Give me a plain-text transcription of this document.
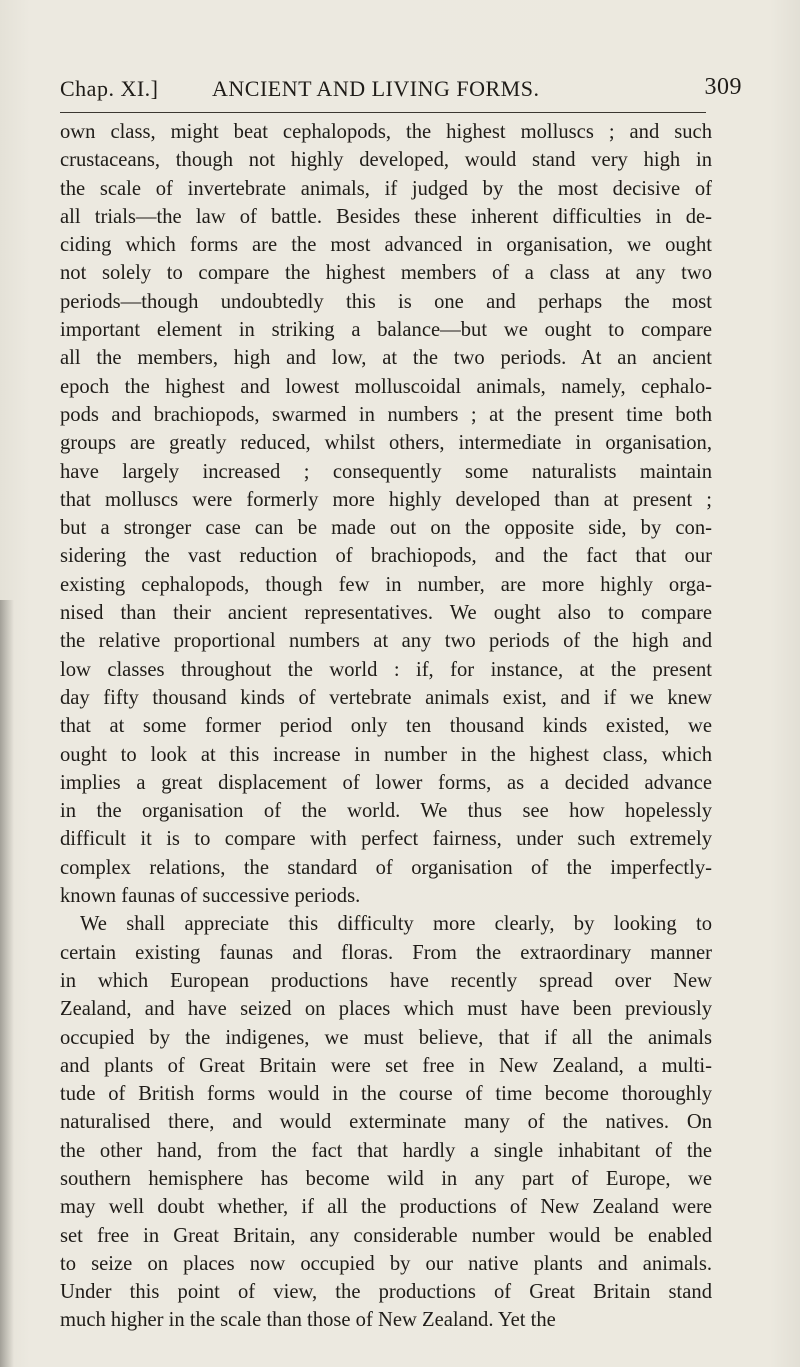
Chap. XI.] ANCIENT AND LIVING FORMS.	309
own class, might beat cephalopods, the highest molluscs ; and such
crustaceans, though not highly developed, would stand very high in
the scale of invertebrate animals, if judged by the most decisive of
all trials—the law of battle. Besides these inherent difficulties in de-
ciding which forms are the most advanced in organisation, we ought
not solely to compare the highest members of a class at any two
periods—though undoubtedly this is one and perhaps the most
important element in striking a balance—but we ought to compare
all the members, high and low, at the two periods. At an ancient
epoch the highest and lowest molluscoidal animals, namely, cephalo-
pods and brachiopods, swarmed in numbers ; at the present time both
groups are greatly reduced, whilst others, intermediate in organisation,
have largely increased ; consequently some naturalists maintain
that molluscs were formerly more highly developed than at present ;
but a stronger case can be made out on the opposite side, by con-
sidering the vast reduction of brachiopods, and the fact that our
existing cephalopods, though few in number, are more highly orga-
nised than their ancient representatives. We ought also to compare
the relative proportional numbers at any two periods of the high and
low classes throughout the world : if, for instance, at the present
day fifty thousand kinds of vertebrate animals exist, and if we knew
that at some former period only ten thousand kinds existed, we
ought to look at this increase in number in the highest class, which
implies a great displacement of lower forms, as a decided advance
in the organisation of the world. We thus see how hopelessly
difficult it is to compare with perfect fairness, under such extremely
complex relations, the standard of organisation of the imperfectly-
known faunas of successive periods.
We shall appreciate this difficulty more clearly, by looking to
certain existing faunas and floras. From the extraordinary manner
in which European productions have recently spread over New
Zealand, and have seized on places which must have been previously
occupied by the indigenes, we must believe, that if all the animals
and plants of Great Britain were set free in New Zealand, a multi-
tude of British forms would in the course of time become thoroughly
naturalised there, and would exterminate many of the natives. On
the other hand, from the fact that hardly a single inhabitant of the
southern hemisphere has become wild in any part of Europe, we
may well doubt whether, if all the productions of New Zealand were
set free in Great Britain, any considerable number would be enabled
to seize on places now occupied by our native plants and animals.
Under this point of view, the productions of Great Britain stand
much higher in the scale than those of New Zealand. Yet the
